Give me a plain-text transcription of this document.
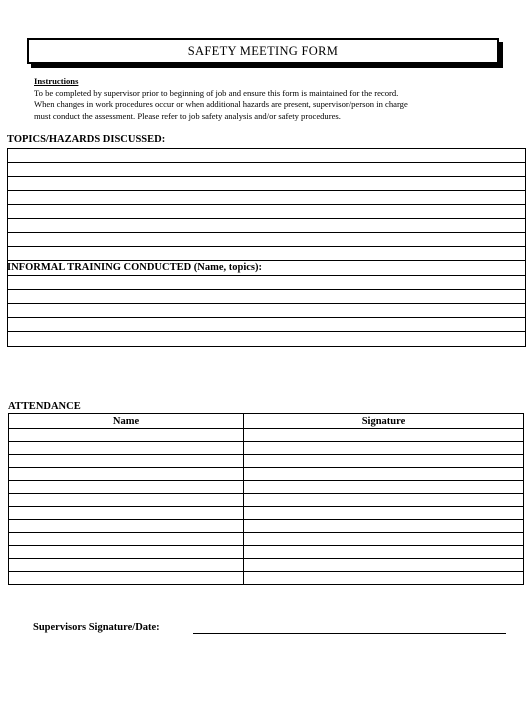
SAFETY MEETING FORM
Instructions
To be completed by supervisor prior to beginning of job and ensure this form is maintained for the record.
When changes in work procedures occur or when additional hazards are present, supervisor/person in charge
must conduct the assessment. Please refer to job safety analysis and/or safety procedures.
TOPICS/HAZARDS DISCUSSED:
INFORMAL TRAINING CONDUCTED (Name, topics):
ATTENDANCE
Name	Signature

Supervisors Signature/Date:
